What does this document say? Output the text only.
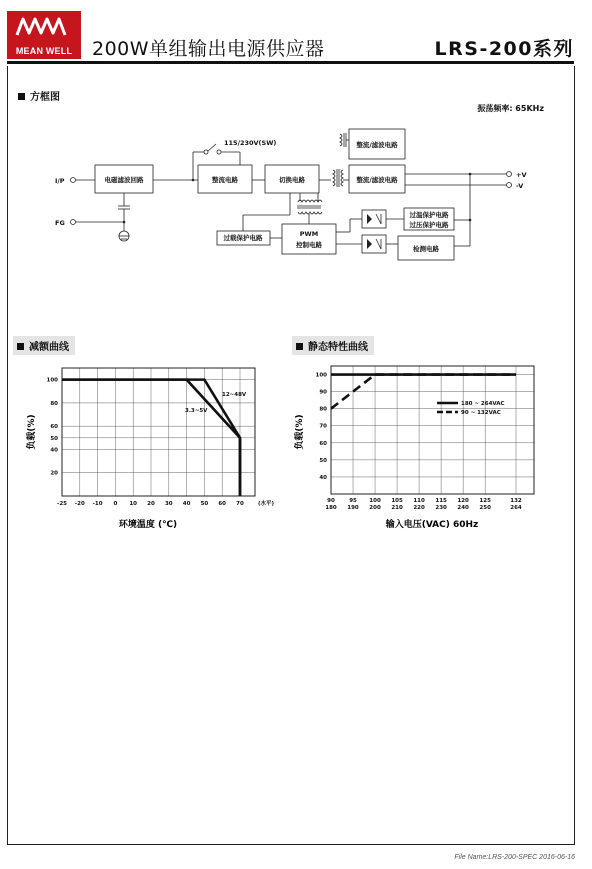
MEAN WELL	200W单组输出电源供应器	LRS-200系列
方框图
振荡频率: 65KHz
I/P
FG
电磁滤波回路	整流电路
115/230V(SW)
切换电路
整流/滤波电路
整流/滤波电路
+V
-V
PWM
控制电路
过载保护电路
过温保护电路
过压保护电路
检测电路
减额曲线	静态特性曲线
-25 -20 -10 0 10 20 30 40 50 60 70	(水平)
20
40
50
60
80
100
12~48V
3.3~5V
负载(%)
环境温度 (℃)
90
180
95
190
100
200
105
210
110
220
115
230
120
240
125
250
132
264
40
50
60
70
80
90
100
180 ~ 264VAC
90 ~ 132VAC
负载(%)
输入电压(VAC) 60Hz
File Name:LRS-200-SPEC 2016-06-16
